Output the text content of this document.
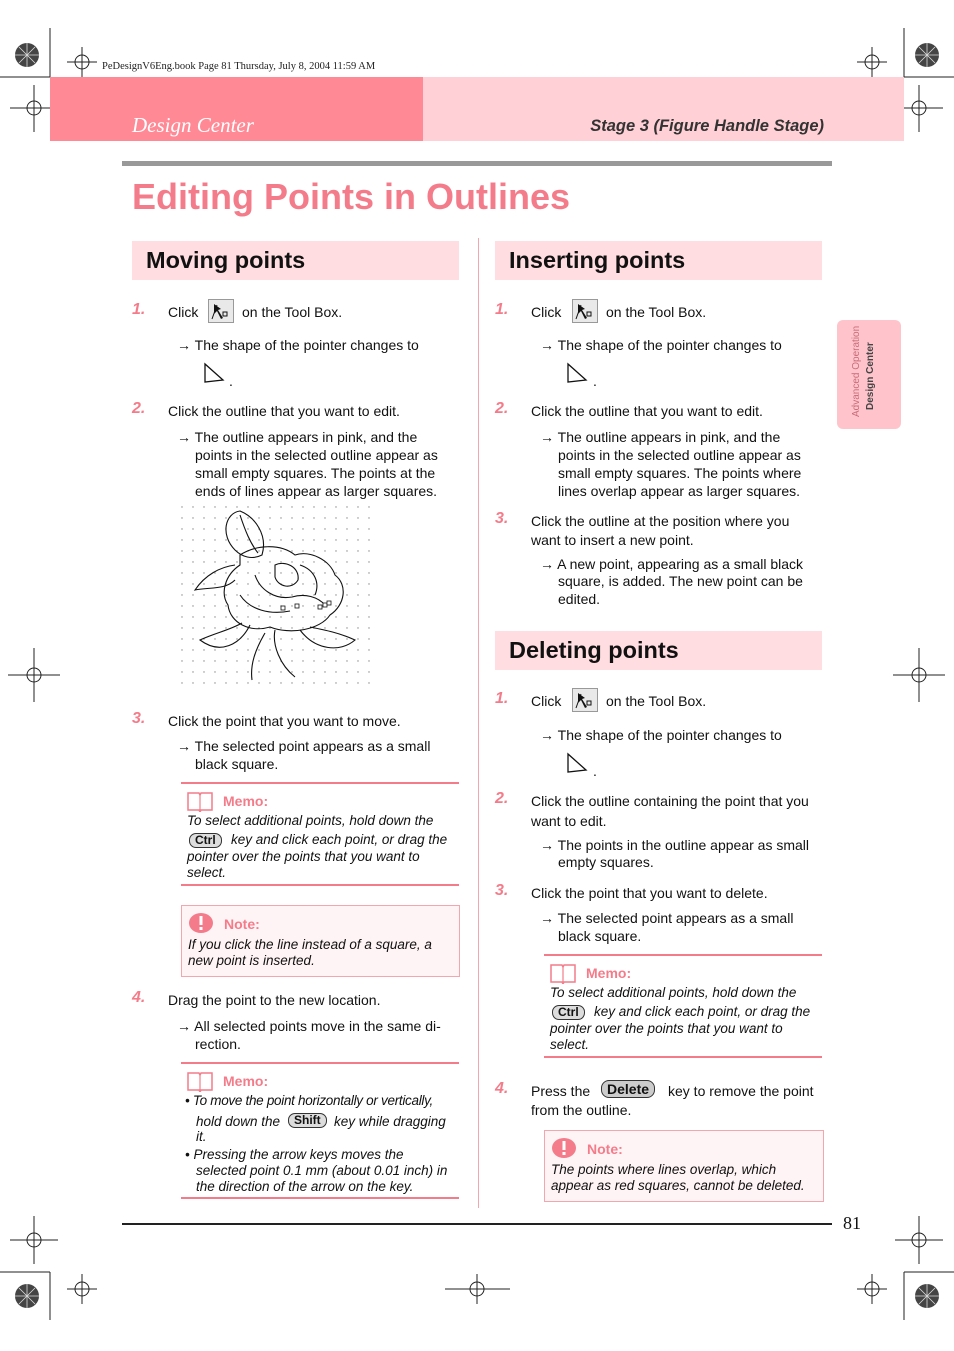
PeDesignV6Eng.book Page 81 Thursday, July 8, 2004 11:59 AM
Design Center	Stage 3 (Figure Handle Stage)
Editing Points in Outlines
Advanced Operation Design Center
Moving points
1. Click	on the Tool Box.
→ The shape of the pointer changes to
.
2. Click the outline that you want to edit.
→ The outline appears in pink, and the
points in the selected outline appear as
small empty squares. The points at the
ends of lines appear as larger squares.
3. Click the point that you want to move.
→ The selected point appears as a small
black square.
Memo:
To select additional points, hold down the
Ctrl	key and click each point, or drag the
pointer over the points that you want to
select.
Note:
If you click the line instead of a square, a
new point is inserted.
4. Drag the point to the new location.
→ All selected points move in the same di-
rection.
Memo:
• To move the point horizontally or vertically,
hold down the	Shift key while dragging
it.
• Pressing the arrow keys moves the
selected point 0.1 mm (about 0.01 inch) in
the direction of the arrow on the key.
Inserting points
1. Click	on the Tool Box.
→ The shape of the pointer changes to
.
2. Click the outline that you want to edit.
→ The outline appears in pink, and the
points in the selected outline appear as
small empty squares. The points where
lines overlap appear as larger squares.
3. Click the outline at the position where you
want to insert a new point.
→ A new point, appearing as a small black
square, is added. The new point can be
edited.
Deleting points
1. Click	on the Tool Box.
→ The shape of the pointer changes to
.
2. Click the outline containing the point that you
want to edit.
→ The points in the outline appear as small
empty squares.
3. Click the point that you want to delete.
→ The selected point appears as a small
black square.
Memo:
To select additional points, hold down the
Ctrl	key and click each point, or drag the
pointer over the points that you want to
select.
4. Press the	Delete	key to remove the point
from the outline.
Note:
The points where lines overlap, which
appear as red squares, cannot be deleted.
81
